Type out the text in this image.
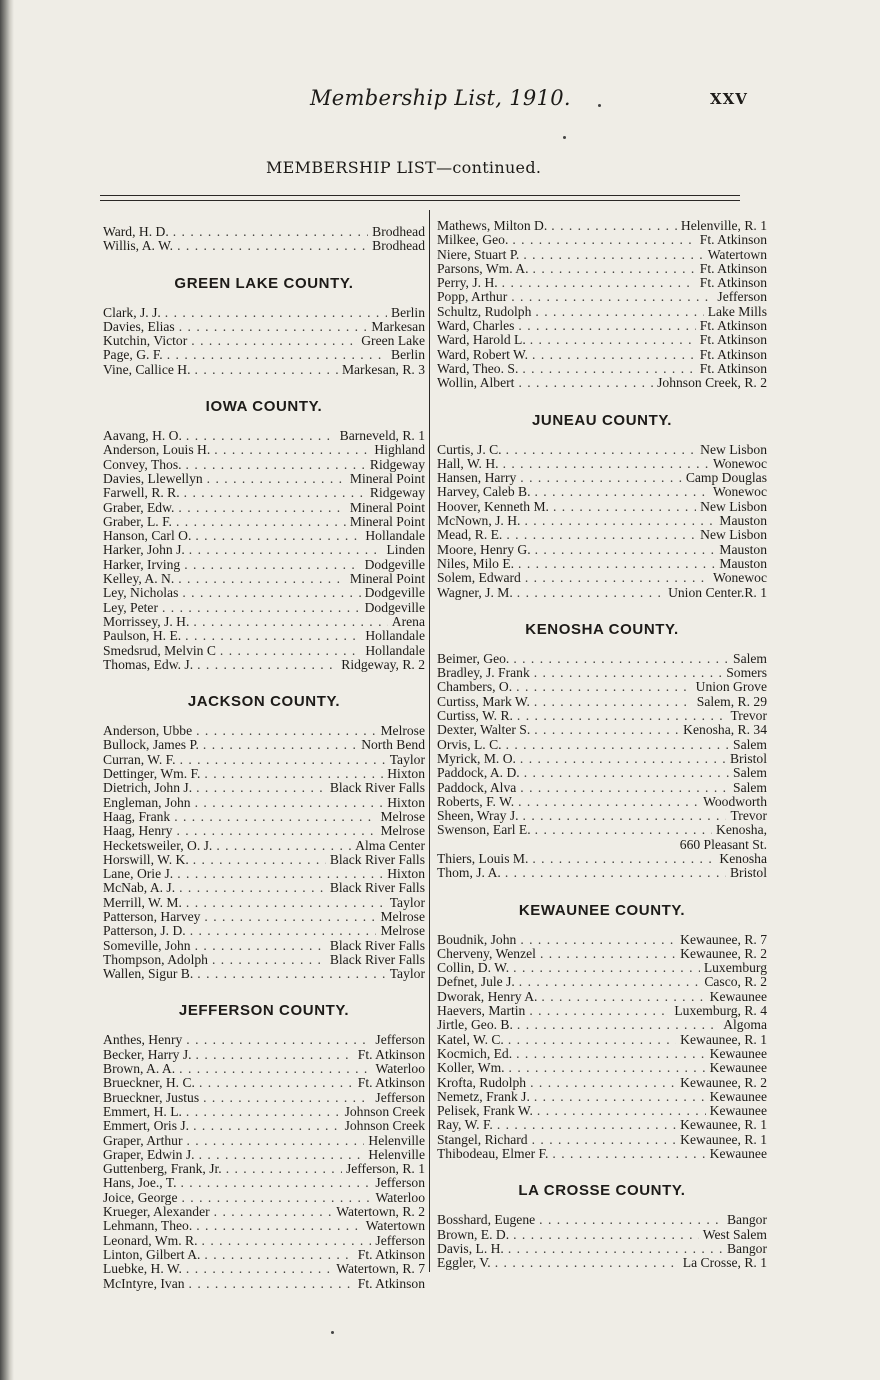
Membership List, 1910.	XXV
MEMBERSHIP LIST—continued.
Ward, H. D. . . .	Brodhead
Willis, A. W. . . .	Brodhead
GREEN LAKE COUNTY.
Clark, J. J. . . .	Berlin
Davies, Elias . . .	Markesan
Kutchin, Victor . . .	Green Lake
Page, G. F. . . .	Berlin
Vine, Callice H. . . .	Markesan, R. 3
IOWA COUNTY.
Aavang, H. O. . . .	Barneveld, R. 1
Anderson, Louis H. . . .	Highland
Convey, Thos. . . .	Ridgeway
Davies, Llewellyn . . .	Mineral Point
Farwell, R. R. . . .	Ridgeway
Graber, Edw. . . .	Mineral Point
Graber, L. F. . . .	Mineral Point
Hanson, Carl O. . . .	Hollandale
Harker, John J. . . .	Linden
Harker, Irving . . .	Dodgeville
Kelley, A. N. . . .	Mineral Point
Ley, Nicholas . . .	Dodgeville
Ley, Peter . . .	Dodgeville
Morrissey, J. H. . . .	Arena
Paulson, H. E. . . .	Hollandale
Smedsrud, Melvin C . . .	Hollandale
Thomas, Edw. J. . . .	Ridgeway, R. 2
JACKSON COUNTY.
Anderson, Ubbe . . .	Melrose
Bullock, James P. . . .	North Bend
Curran, W. F. . . .	Taylor
Dettinger, Wm. F. . . .	Hixton
Dietrich, John J. . . .	Black River Falls
Engleman, John . . .	Hixton
Haag, Frank . . .	Melrose
Haag, Henry . . .	Melrose
Hecketsweiler, O. J. . . .	Alma Center
Horswill, W. K. . . .	Black River Falls
Lane, Orie J. . . .	Hixton
McNab, A. J. . . .	Black River Falls
Merrill, W. M. . . .	Taylor
Patterson, Harvey . . .	Melrose
Patterson, J. D. . . .	Melrose
Someville, John . . .	Black River Falls
Thompson, Adolph . . .	Black River Falls
Wallen, Sigur B. . . .	Taylor
JEFFERSON COUNTY.
Anthes, Henry . . .	Jefferson
Becker, Harry J. . . .	Ft. Atkinson
Brown, A. A. . . .	Waterloo
Brueckner, H. C. . . .	Ft. Atkinson
Brueckner, Justus . . .	Jefferson
Emmert, H. L. . . .	Johnson Creek
Emmert, Oris J. . . .	Johnson Creek
Graper, Arthur . . .	Helenville
Graper, Edwin J. . . .	Helenville
Guttenberg, Frank, Jr. . . .	Jefferson, R. 1
Hans, Joe., T. . . .	Jefferson
Joice, George . . .	Waterloo
Krueger, Alexander . . .	Watertown, R. 2
Lehmann, Theo. . . .	Watertown
Leonard, Wm. R. . . .	Jefferson
Linton, Gilbert A. . . .	Ft. Atkinson
Luebke, H. W. . . .	Watertown, R. 7
McIntyre, Ivan . . .	Ft. Atkinson
Mathews, Milton D. . . .	Helenville, R. 1
Milkee, Geo. . . .	Ft. Atkinson
Niere, Stuart P. . . .	Watertown
Parsons, Wm. A. . . .	Ft. Atkinson
Perry, J. H. . . .	Ft. Atkinson
Popp, Arthur . . .	Jefferson
Schultz, Rudolph . . .	Lake Mills
Ward, Charles . . .	Ft. Atkinson
Ward, Harold L. . . .	Ft. Atkinson
Ward, Robert W. . . .	Ft. Atkinson
Ward, Theo. S. . . .	Ft. Atkinson
Wollin, Albert . . .	Johnson Creek, R. 2
JUNEAU COUNTY.
Curtis, J. C. . . .	New Lisbon
Hall, W. H. . . .	Wonewoc
Hansen, Harry . . .	Camp Douglas
Harvey, Caleb B. . . .	Wonewoc
Hoover, Kenneth M. . . .	New Lisbon
McNown, J. H. . . .	Mauston
Mead, R. E. . . .	New Lisbon
Moore, Henry G. . . .	Mauston
Niles, Milo E. . . .	Mauston
Solem, Edward . . .	Wonewoc
Wagner, J. M. . . .	Union Center.R. 1
KENOSHA COUNTY.
Beimer, Geo. . . .	Salem
Bradley, J. Frank . . .	Somers
Chambers, O. . . .	Union Grove
Curtiss, Mark W. . . .	Salem, R. 29
Curtiss, W. R. . . .	Trevor
Dexter, Walter S. . . .	Kenosha, R. 34
Orvis, L. C. . . .	Salem
Myrick, M. O. . . .	Bristol
Paddock, A. D. . . .	Salem
Paddock, Alva . . .	Salem
Roberts, F. W. . . .	Woodworth
Sheen, Wray J. . . .	Trevor
Swenson, Earl E. . . .	Kenosha,
660 Pleasant St.
Thiers, Louis M. . . .	Kenosha
Thom, J. A. . . .	Bristol
KEWAUNEE COUNTY.
Boudnik, John . . .	Kewaunee, R. 7
Cherveny, Wenzel . . .	Kewaunee, R. 2
Collin, D. W. . . .	Luxemburg
Defnet, Jule J. . . .	Casco, R. 2
Dworak, Henry A. . . .	Kewaunee
Haevers, Martin . . .	Luxemburg, R. 4
Jirtle, Geo. B. . . .	Algoma
Katel, W. C. . . .	Kewaunee, R. 1
Kocmich, Ed. . . .	Kewaunee
Koller, Wm. . . .	Kewaunee
Krofta, Rudolph . . .	Kewaunee, R. 2
Nemetz, Frank J. . . .	Kewaunee
Pelisek, Frank W. . . .	Kewaunee
Ray, W. F. . . .	Kewaunee, R. 1
Stangel, Richard . . .	Kewaunee, R. 1
Thibodeau, Elmer F. . . .	Kewaunee
LA CROSSE COUNTY.
Bosshard, Eugene . . .	Bangor
Brown, E. D. . . .	West Salem
Davis, L. H. . . .	Bangor
Eggler, V. . . .	La Crosse, R. 1
